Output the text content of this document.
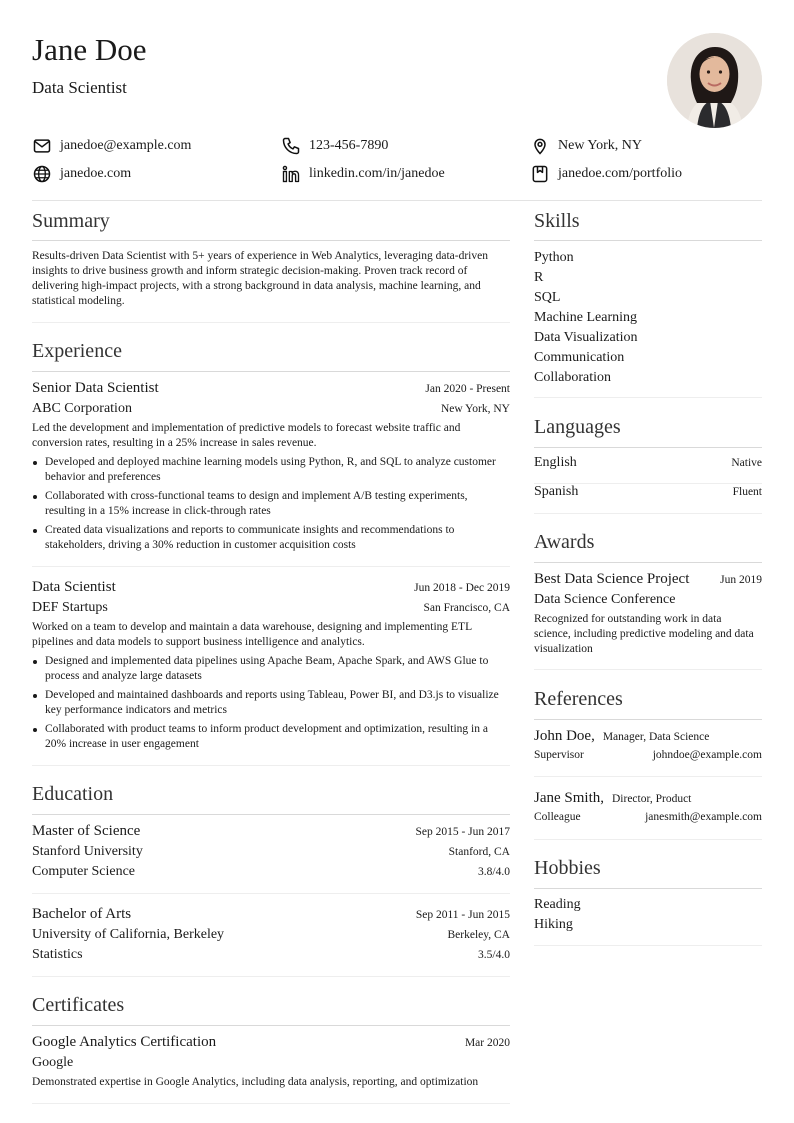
Jane Doe
Data Scientist
janedoe@example.com	123-456-7890	New York, NY
janedoe.com	linkedin.com/in/janedoe	janedoe.com/portfolio
Summary
Results-driven Data Scientist with 5+ years of experience in Web Analytics, leveraging data-driven insights to drive business growth and inform strategic decision-making. Proven track record of delivering high-impact projects, with a strong background in data analysis, machine learning, and statistical modeling.
Experience
Senior Data Scientist	Jan 2020 - Present
ABC Corporation	New York, NY
Led the development and implementation of predictive models to forecast website traffic and conversion rates, resulting in a 25% increase in sales revenue.
Developed and deployed machine learning models using Python, R, and SQL to analyze customer behavior and preferences
Collaborated with cross-functional teams to design and implement A/B testing experiments, resulting in a 15% increase in click-through rates
Created data visualizations and reports to communicate insights and recommendations to stakeholders, driving a 30% reduction in customer acquisition costs
Data Scientist	Jun 2018 - Dec 2019
DEF Startups	San Francisco, CA
Worked on a team to develop and maintain a data warehouse, designing and implementing ETL pipelines and data models to support business intelligence and analytics.
Designed and implemented data pipelines using Apache Beam, Apache Spark, and AWS Glue to process and analyze large datasets
Developed and maintained dashboards and reports using Tableau, Power BI, and D3.js to visualize key performance indicators and metrics
Collaborated with product teams to inform product development and optimization, resulting in a 20% increase in user engagement
Education
Master of Science	Sep 2015 - Jun 2017
Stanford University	Stanford, CA
Computer Science	3.8/4.0
Bachelor of Arts	Sep 2011 - Jun 2015
University of California, Berkeley	Berkeley, CA
Statistics	3.5/4.0
Certificates
Google Analytics Certification	Mar 2020
Google
Demonstrated expertise in Google Analytics, including data analysis, reporting, and optimization
Skills
Python
R
SQL
Machine Learning
Data Visualization
Communication
Collaboration
Languages
English	Native
Spanish	Fluent
Awards
Best Data Science Project	Jun 2019
Data Science Conference
Recognized for outstanding work in data science, including predictive modeling and data visualization
References
John Doe, Manager, Data Science
Supervisor	johndoe@example.com
Jane Smith, Director, Product
Colleague	janesmith@example.com
Hobbies
Reading
Hiking
